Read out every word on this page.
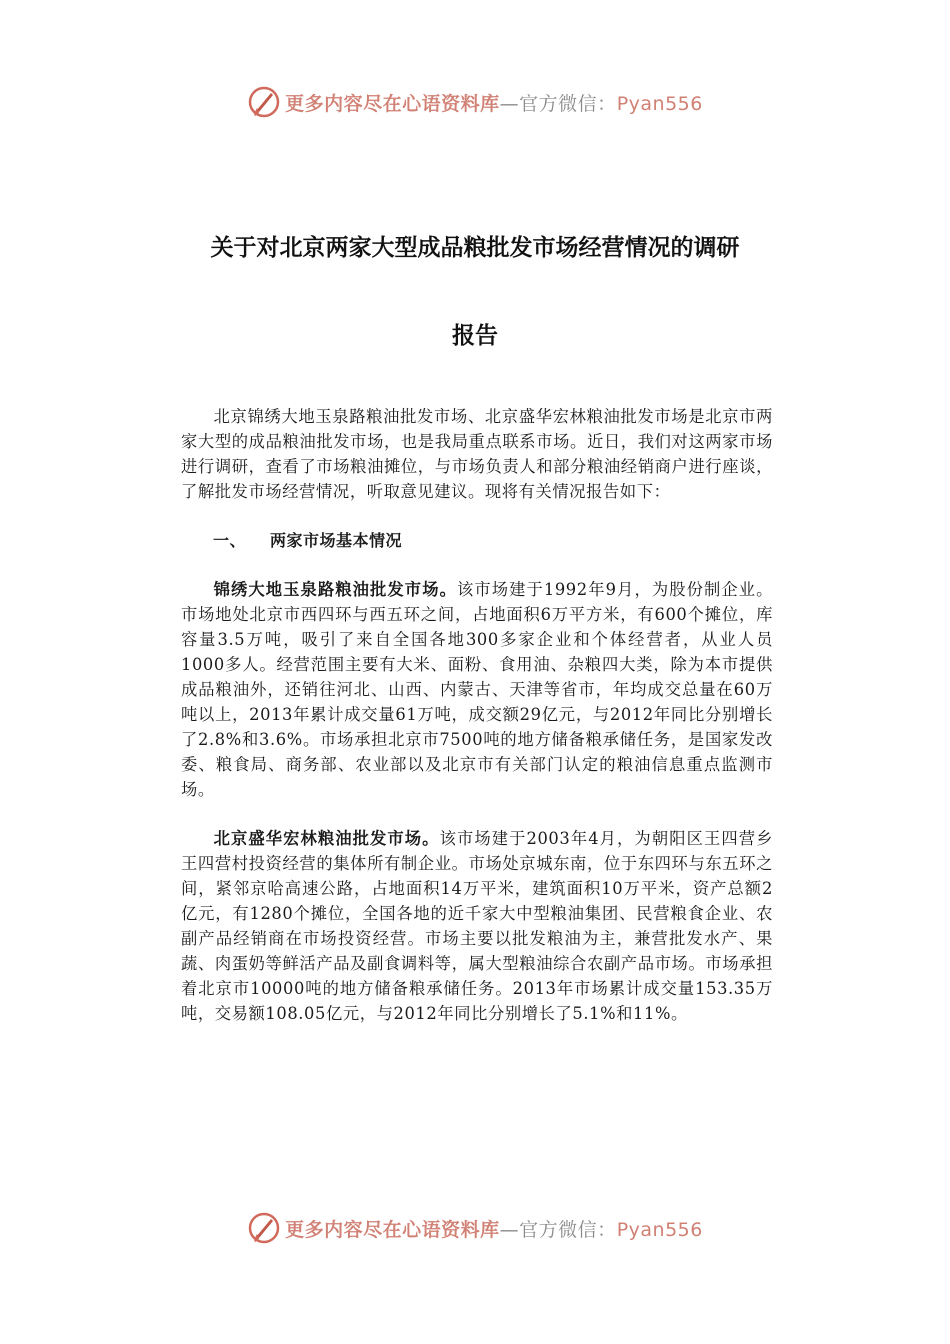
更多内容尽在心语资料库—官方微信：Pyan556
关于对北京两家大型成品粮批发市场经营情况的调研
报告

北京锦绣大地玉泉路粮油批发市场、北京盛华宏林粮油批发市场是北京市两家大型的成品粮油批发市场，也是我局重点联系市场。近日，我们对这两家市场进行调研，查看了市场粮油摊位，与市场负责人和部分粮油经销商户进行座谈，了解批发市场经营情况，听取意见建议。现将有关情况报告如下：

一、 两家市场基本情况

锦绣大地玉泉路粮油批发市场。该市场建于1992年9月，为股份制企业。市场地处北京市西四环与西五环之间，占地面积6万平方米，有600个摊位，库容量3.5万吨，吸引了来自全国各地300多家企业和个体经营者，从业人员1000多人。经营范围主要有大米、面粉、食用油、杂粮四大类，除为本市提供成品粮油外，还销往河北、山西、内蒙古、天津等省市，年均成交总量在60万吨以上，2013年累计成交量61万吨，成交额29亿元，与2012年同比分别增长了2.8%和3.6%。市场承担北京市7500吨的地方储备粮承储任务，是国家发改委、粮食局、商务部、农业部以及北京市有关部门认定的粮油信息重点监测市场。

北京盛华宏林粮油批发市场。该市场建于2003年4月，为朝阳区王四营乡王四营村投资经营的集体所有制企业。市场处京城东南，位于东四环与东五环之间，紧邻京哈高速公路，占地面积14万平米，建筑面积10万平米，资产总额2亿元，有1280个摊位，全国各地的近千家大中型粮油集团、民营粮食企业、农副产品经销商在市场投资经营。市场主要以批发粮油为主，兼营批发水产、果蔬、肉蛋奶等鲜活产品及副食调料等，属大型粮油综合农副产品市场。市场承担着北京市10000吨的地方储备粮承储任务。2013年市场累计成交量153.35万吨，交易额108.05亿元，与2012年同比分别增长了5.1%和11%。

更多内容尽在心语资料库—官方微信：Pyan556
